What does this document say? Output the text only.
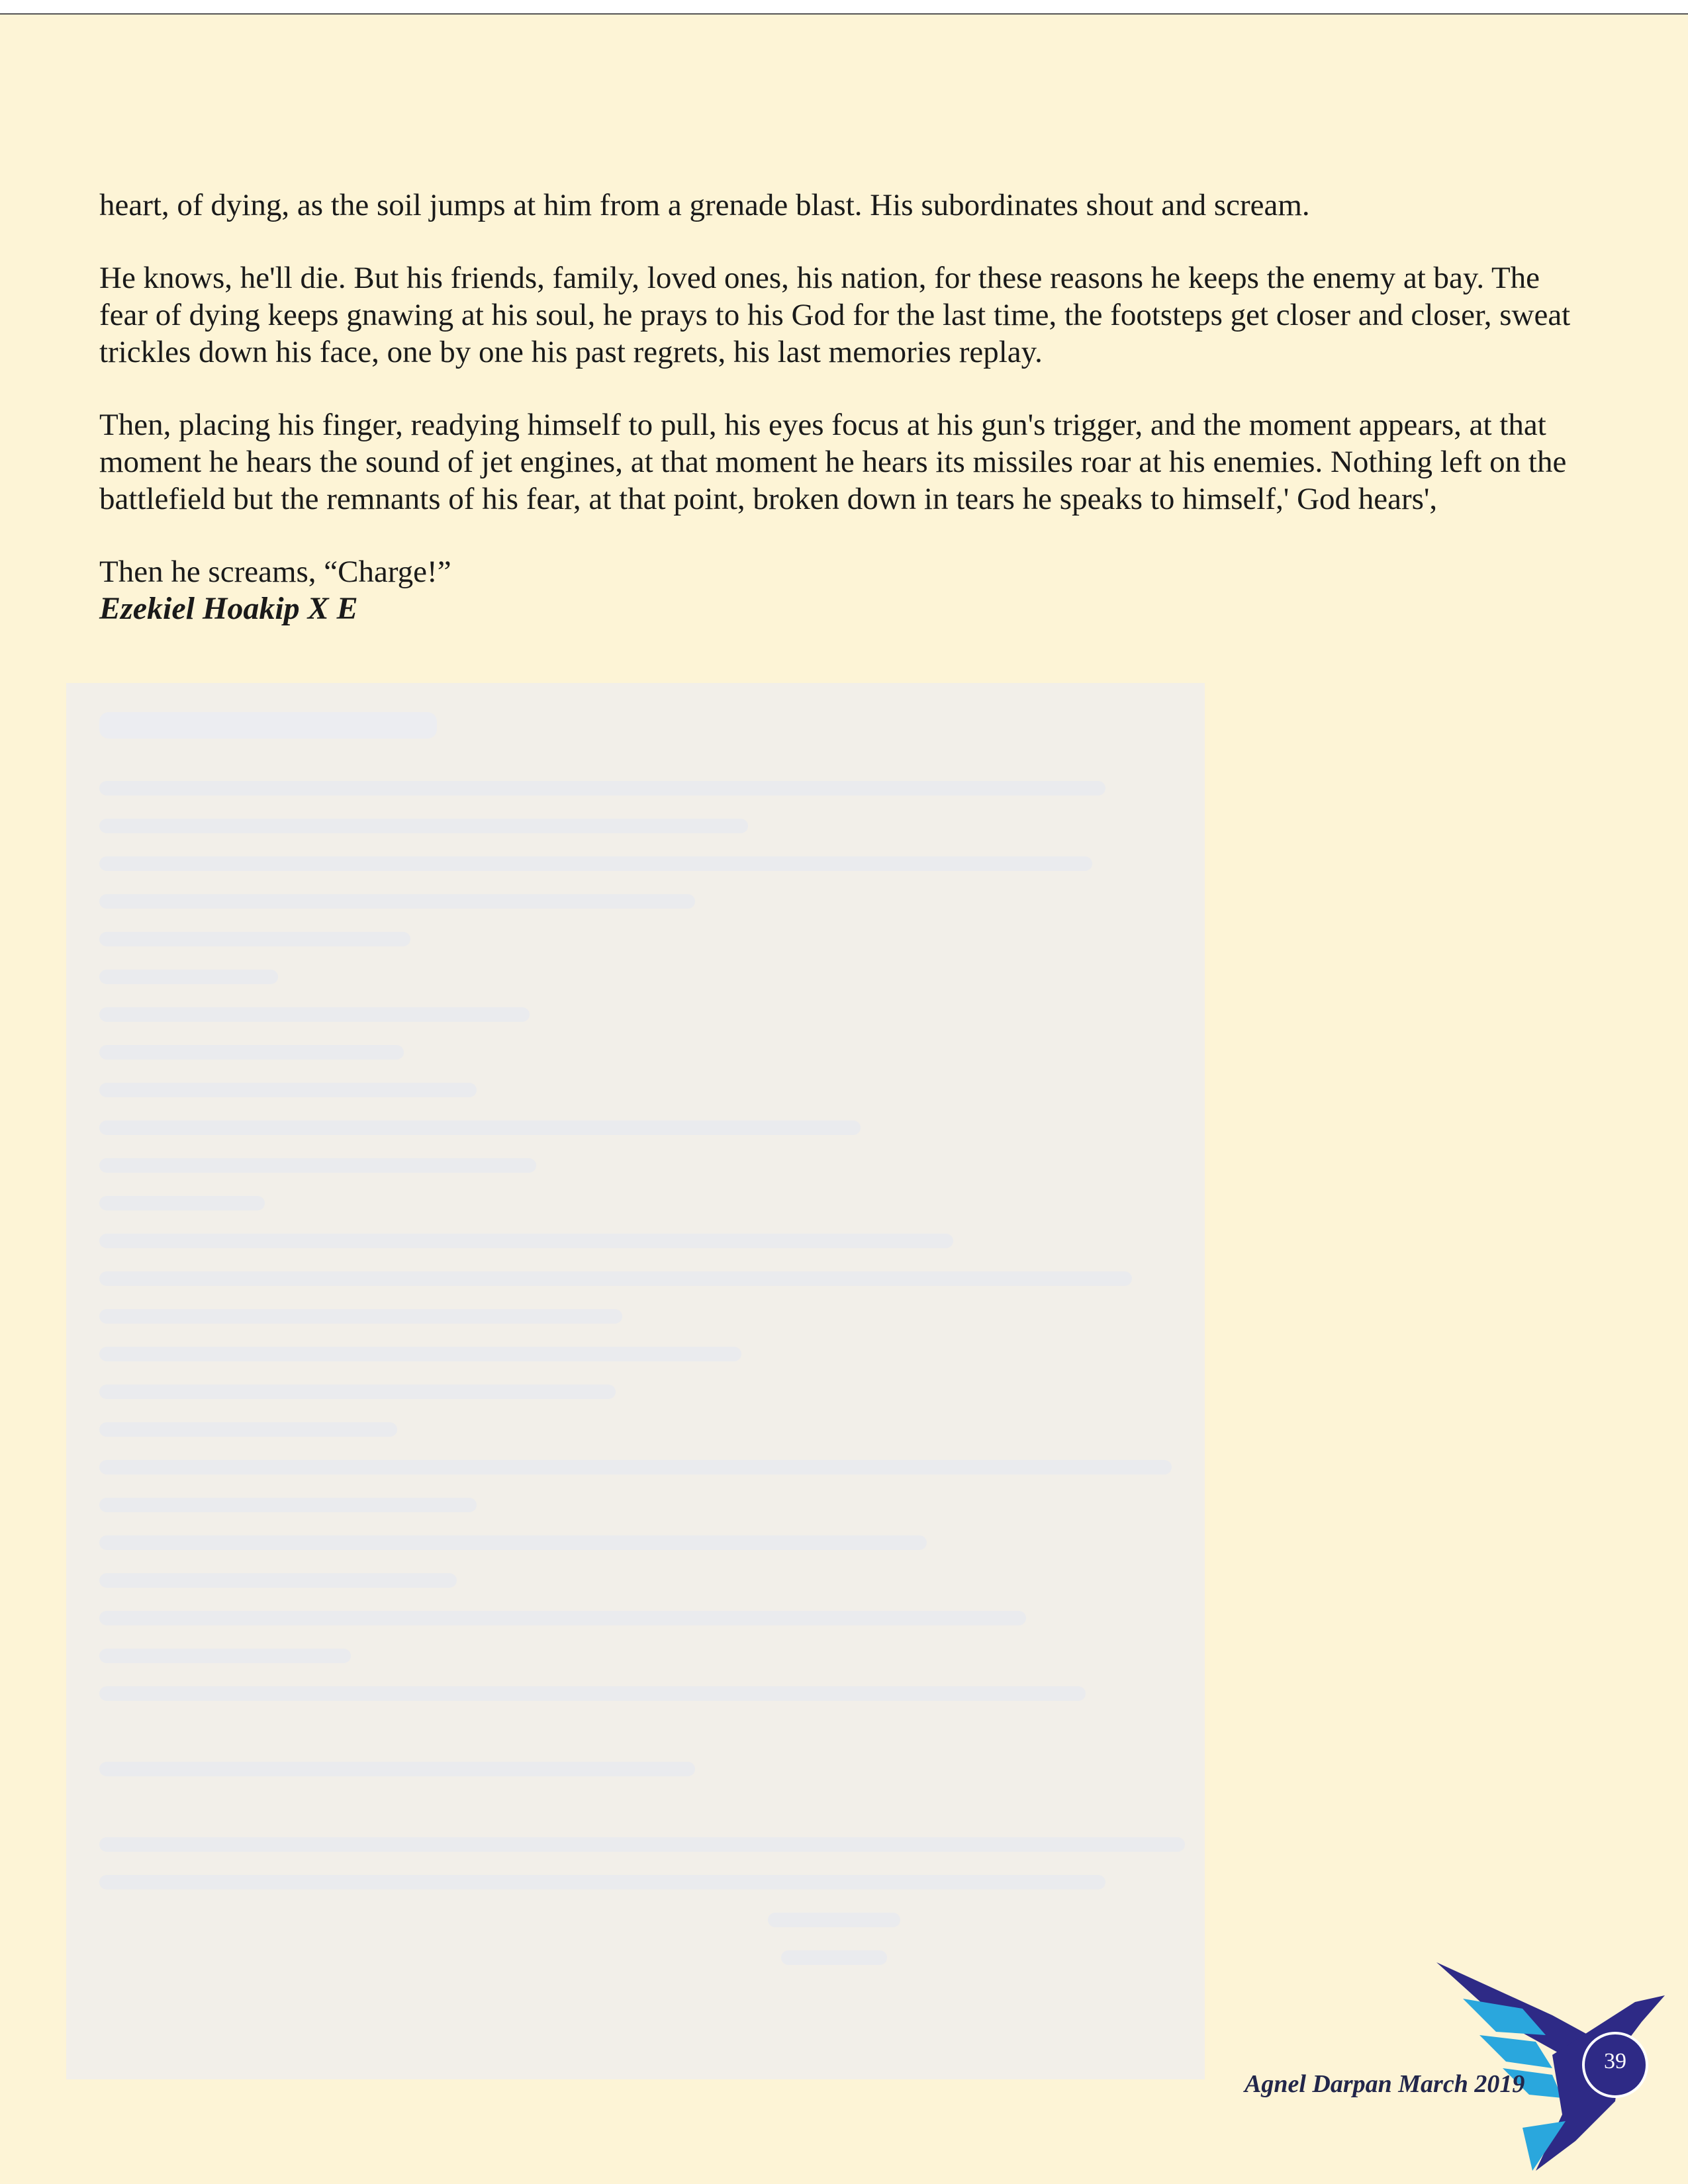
heart, of dying, as the soil jumps at him from a grenade blast. His subordinates shout and scream.

He knows, he'll die. But his friends, family, loved ones, his nation, for these reasons he keeps the enemy at bay. The fear of dying keeps gnawing at his soul, he prays to his God for the last time, the footsteps get closer and closer, sweat trickles down his face, one by one his past regrets, his last memories replay.

Then, placing his finger, readying himself to pull, his eyes focus at his gun's trigger, and the moment appears, at that moment he hears the sound of jet engines, at that moment he hears its missiles roar at his enemies. Nothing left on the battlefield but the remnants of his fear, at that point, broken down in tears he speaks to himself,' God hears',

Then he screams, “Charge!”

Ezekiel Hoakip X E

39
Agnel Darpan March 2019
